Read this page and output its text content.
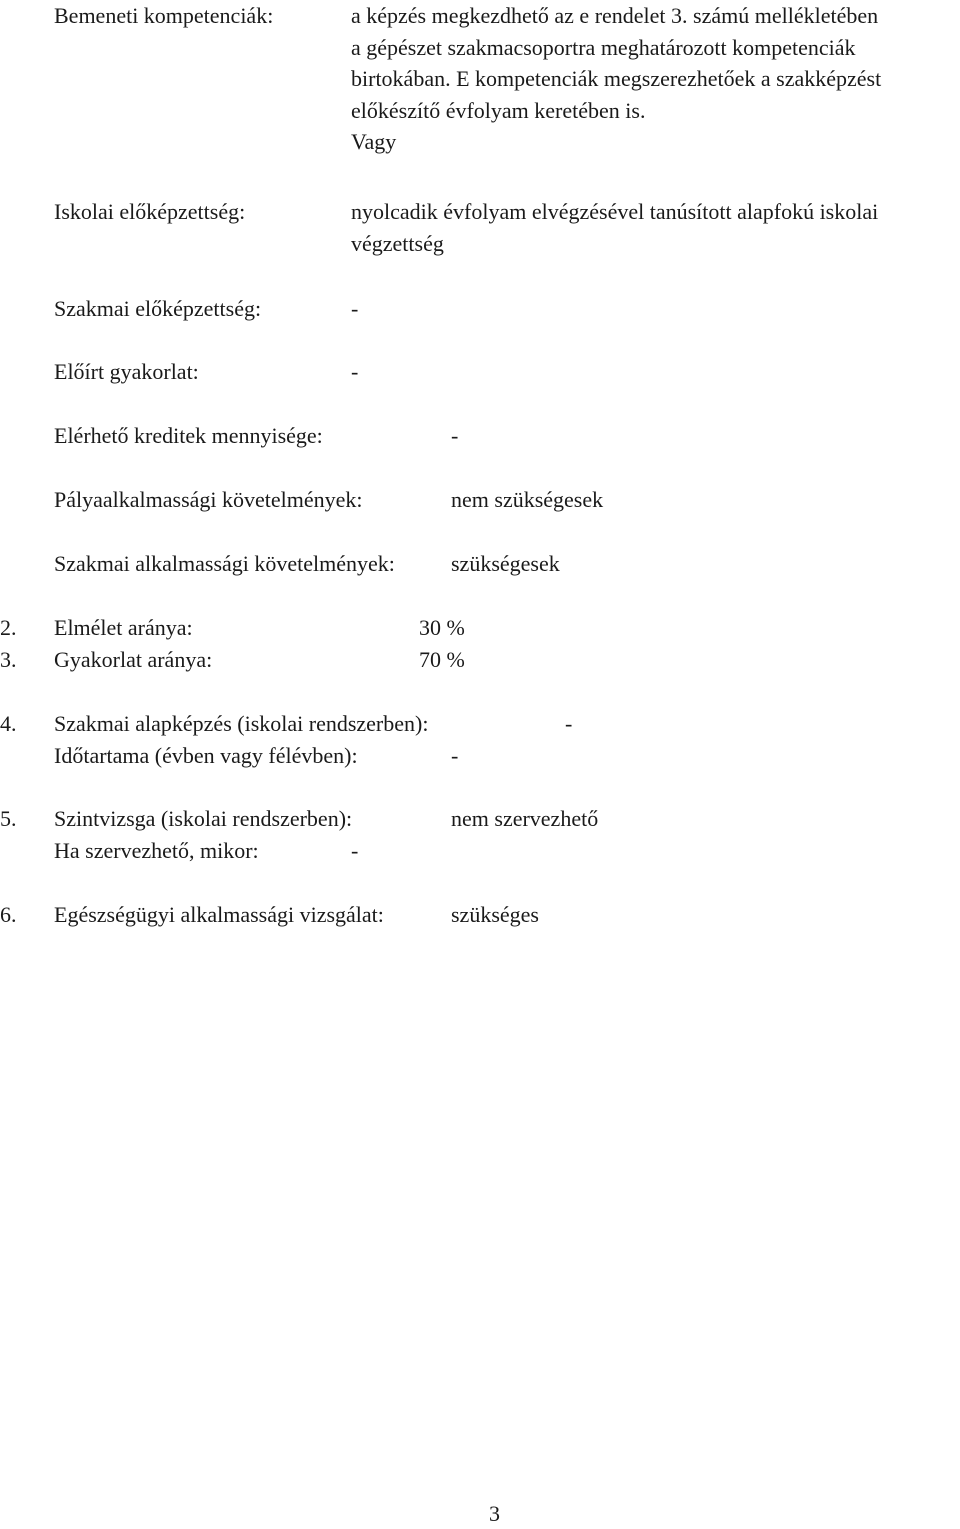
Bemeneti kompetenciák:	a képzés megkezdhető az e rendelet 3. számú mellékletében
a gépészet szakmacsoportra meghatározott kompetenciák
birtokában. E kompetenciák megszerezhetőek a szakképzést
előkészítő évfolyam keretében is.
Vagy
Iskolai előképzettség:	nyolcadik évfolyam elvégzésével tanúsított alapfokú iskolai
végzettség
Szakmai előképzettség:	-
Előírt gyakorlat:	-
Elérhető kreditek mennyisége:	-
Pályaalkalmassági követelmények:	nem szükségesek
Szakmai alkalmassági követelmények:	szükségesek
2. Elmélet aránya:	30 %
3. Gyakorlat aránya:	70 %
4. Szakmai alapképzés (iskolai rendszerben):	-
Időtartama (évben vagy félévben):	-
5. Szintvizsga (iskolai rendszerben):	nem szervezhető
Ha szervezhető, mikor:	-
6. Egészségügyi alkalmassági vizsgálat:	szükséges
3
